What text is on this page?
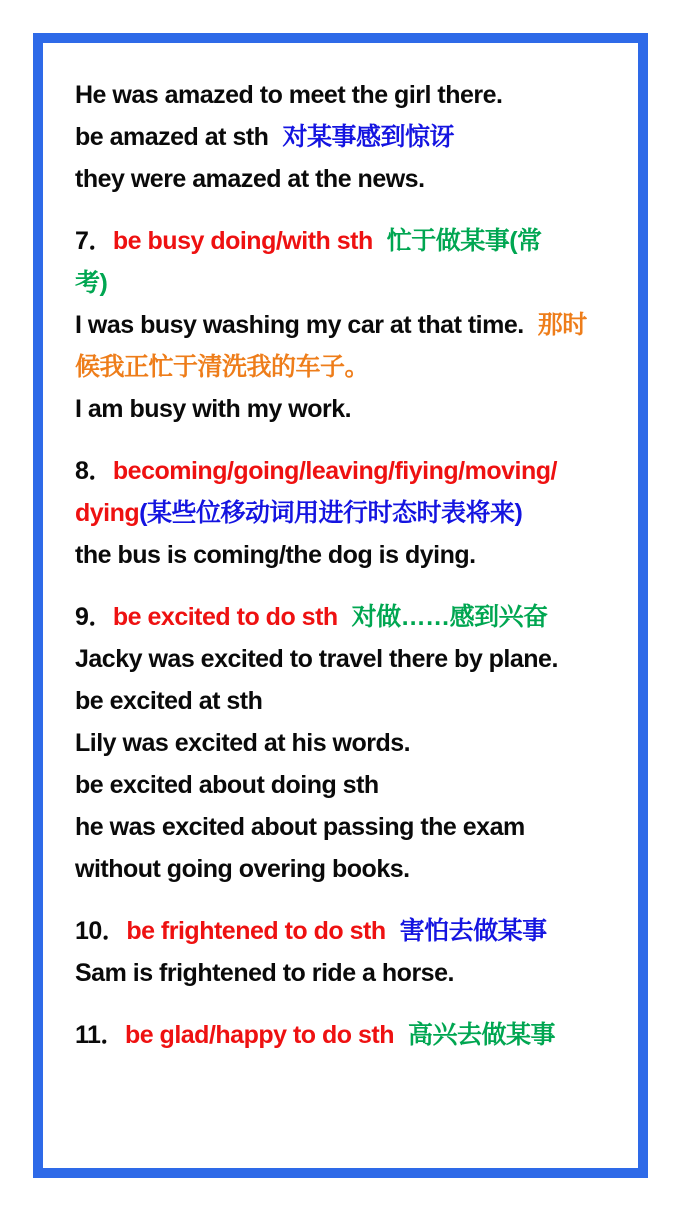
He was amazed to meet the girl there.
be amazed at sth 对某事感到惊讶
they were amazed at the news.
7．be busy doing/with sth 忙于做某事(常
考)
I was busy washing my car at that time. 那时
候我正忙于清洗我的车子。
I am busy with my work.
8．becoming/going/leaving/fiying/moving/
dying(某些位移动词用进行时态时表将来)
the bus is coming/the dog is dying.
9．be excited to do sth 对做……感到兴奋
Jacky was excited to travel there by plane.
be excited at sth
Lily was excited at his words.
be excited about doing sth
he was excited about passing the exam
without going overing books.
10．be frightened to do sth 害怕去做某事
Sam is frightened to ride a horse.
11．be glad/happy to do sth 高兴去做某事
